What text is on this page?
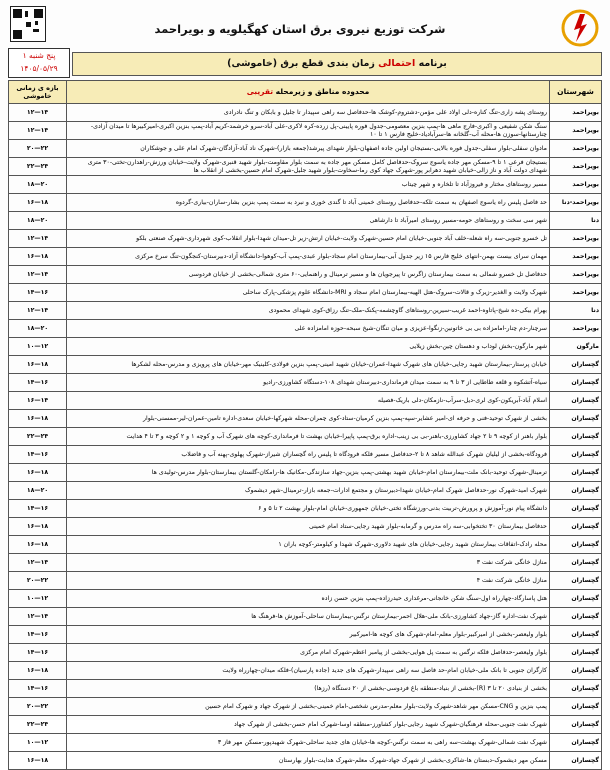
شرکت توزیع نیروی برق استان کهگیلویه و بویراحمد
پنج شنبه ۱
۱۴۰۵/۰۵/۲۹	برنامه احتمالی زمان بندی قطع برق (خاموشی)
شهرستان	محدوده مناطق و زیرمحله تقریبی	بازه ی زمانی خاموشی
بویراحمد	روستای پشه زاری-تنگ کناره-دلی اولاد علی مؤمن-دشتروم-کوشک ها-حدفاصل سه راهی سپیدار تا جلیل و بابکان و تنگ نادرادی	۱۲—۱۴
بویراحمد	سنگ شکن شفیعی و اکبری-فارج ماهی ها-پمپ بنزین معصومی-جدول فوره پایینی-پل زرده-کره لاکری-علی آباد-سرو خرشمد-کریم آباد-پمپ بنزین اکبری-امیرکبیرها تا میدان آزادی-چنارستانها-سوزن ها-محله آب-گلخانه ها-سرآبادیاد-خلیج فارس ۱ تا ۱۰	۱۲—۱۴
بویراحمد	مادوان سفلی-بلوار سفلی-جدول فوره بالایی-بستیجان اولین جاده اصفهان-بلوار شهدای پیرشد(جمعه بازار)-شهرک ناد آباد-آزادگان-شهرک امام علی و جوشکاران	۲۰—۲۲
بویراحمد	بستیجان فرعی ۱ تا ۹-مسکن مهر جاده یاسوج سروک-حدفاصل کامل مسکن مهر جاده به سمت بلوار مقاومت-بلوار شهید قنبری-شهرک ولایت-خیابان ورزش-راهدارن-تختی-۳۰ متری شهدای دولت آباد و ناز زالی-خیابان شهید دهرابر پور-شهرک جهاد کوی رما-سخاوت-بلوار شهید جلیل-شهرک امام حسین-بخشی از انقلاب ها	۲۲—۲۴
بویراحمد	مسیر روستاهای مختار و فیروزآباد تا تلخاره و شهر چیتاب	۱۸—۲۰
بویراحمد-دنا	حد فاصل پلیس راه یاسوج اصفهان به سمت تلکه-حدفاصل روستای خمینی آباد تا گندی خوری و نبرد به سمت پمپ بنزین بشار-ساران-بیاری-گردوه	۱۶—۱۸
دنا	شهر سی سخت و روستاهای حومه-مسیر روستای امیرآباد تا دارشاهی	۱۸—۲۰
بویراحمد	تل خسرو جنوبی-سه راه شعله-خلف آباد جنوبی-خیابان امام حسین-شهرک ولایت-خیابان ارتش-زیر تل-میدان شهدا-بلوار انقلاب-کوی شهرداری-شهرک صنعتی بلکو	۱۲—۱۴
بویراحمد	مهمان سرای بیست بهمن-انتهای خلیج فارس ۱۵ زیر جدول آبی-بیمارستان امام سجاد-بلوار عبدی-پمپ آب-کوهوا-دانشگاه آزاد-دبیرستان-کنجگون-تنگ سرخ مرکزی	۱۶—۱۸
بویراحمد	حدفاصل تل خسرو شمالی به سمت بیمارستان زاگرس تا پیرجویان ها و مسیر ترمینال و راهنمایی-۶۰ متری شمالی-بخشی از خیابان فردوسی	۱۲—۱۴
بویراحمد	شهرک ولایت و الغدیر-زیرک و قالات-سروک-هتل الهیه-بیمارستان امام سجاد و MRI-دانشگاه علوم پزشکی-پارک ساحلی	۱۴—۱۶
دنا	بهرام بیکی-ده شیخ-پاتاوه-احمد غریب-سیرین-روستاهای گاوچشمه-پکنک-ملک-تنگ رزاق-کوی شهدای محمودی	۱۲—۱۴
بویراحمد	سرچنار-دم چنار-امامزاده بی بی خاتونین-زنگوا-عزیزی و میان تنگان-شیخ سبحه-حوزه امامزاده علی	۱۸—۲۰
مارگون	شهر مارگون-بخش لوداب و دهستان چین-بخش زیلایی	۱۰—۱۲
گچساران	خیابان پرستار-بیمارستان شهید رجایی-خیابان های شهرک شهدا-عمران-خیابان شهید امینی-پمپ بنزین فولادی-کلینیک مهر-خیابان های پرویزی و مدرس-محله لشکرها	۱۶—۱۸
گچساران	سیاه-آتشکوه و قلعه طاطایی از ۳ تا ۹ به سمت میدان فرمانداری-دبیرستان شهدای ۱۰۸-دستگاه کشاورزی-رادیو	۱۴—۱۶
گچساران	اسلام آباد-آبریکون-کوی لری-دیل-سرآب-نازمکان-دلی باریک-فصیله	۱۶—۱۴
گچساران	بخشی از شهرک توحید-فنی و حرفه ای-امیر عشایر-سپه-پمپ بنزین کرمیان-ستاد-کوی چمران-محله شهرکها-خیابان سعدی-اداره تامین-عمران-لیر-ممسنی-بلوار	۱۶—۱۸
گچساران	بلوار باهنر از کوچه ۹ تا ۲ جهاد کشاورزی-باهنر-بی بی زینب-اداره برق-پمپ پاپیرا-خیابان بهشت تا فرمانداری-کوچه های شهرک آب و کوچه ۱ و ۲ کوچه و ۳ تا ۴ هدایت	۲۲—۲۴
گچساران	فرودگاه-بخشی از لیلیان شهرک عبدالله شاهد ۸ تا ۲-حدفاصل مسیر فلکه فرودگاه تا پلیس راه گچساران شیراز-شهرک پهلوی-پهنه آب و فاضلاب	۱۴—۱۶
گچساران	ترمینال-شهرک توحید-بانک ملت-بیمارستان امام-خیابان شهید بهشتی-پمپ بنزین-جهاد سازندگی-مکانیک ها-رامکان-گلستان بیمارستان-بلوار مدرس-تولیدی ها	۱۶—۱۸
گچساران	شهرک امید-شهرک نور-حدفاصل شهرک امام-خیابان شهدا-دبیرستان و مجتمع ادارات-جمعه بازار-ترمینال-شهر دیشموک	۱۸—۲۰
گچساران	دانشگاه پیام نور-آموزش و پرورش-تربیت بدنی-ورزشگاه تختی-خیابان جمهوری-خیابان امام-بلوار بهشت ۲ تا ۵ و ۶	۱۴—۱۶
گچساران	حدفاصل بیمارستان ۳۰ تختخوابی-سه راه مدرس و گرمابه-بلوار شهید رجایی-ستاد امام خمینی	۱۶—۱۸
گچساران	محله رادک-اتفاقات بیمارستان شهید رجایی-خیابان های شهید دلاوری-شهرک شهدا و کیلومتر-کوچه باران ۱	۱۶—۱۸
گچساران	منازل خانگی شرکت نفت ۳	۱۲—۱۴
گچساران	منازل خانگی شرکت نفت ۴	۲۰—۲۲
گچساران	هتل پاسارگاد-چهارراه اول-سنگ شکن خانجانی-مرغداری حیدرزاده-پمپ بنزین حسن زاده	۱۰—۱۲
گچساران	شهرک نفت-اداره گاز-جهاد کشاورزی-بانک ملی-هلال احمر-بیمارستان نرگس-بیمارستان ساحلی-آموزش ها-فرهنگ ها	۱۲—۱۴
گچساران	بلوار ولیعصر-بخشی از امیرکبیر-بلوار معلم-امام-شهرک های کوچه ها-امیرکبیر	۱۴—۱۶
گچساران	بلوار ولیعصر-حدفاصل فلکه نرگس به سمت پل هوایی-بخشی از پیامبر اعظم-شهرک امام مرکزی	۱۴—۱۶
گچساران	کارگران جنوبی تا بانک ملی-خیابان امام-حد فاصل سه راهی سپیدار-شهرک های جدید (جاده پارسیان)-فلکه میدان-چهارراه ولایت	۱۶—۱۸
گچساران	بخشی از بنیادی ۲۰ تا ۳ (R)-بخشی از بنیاد-منطقه باغ فردوسی-بخشی از ۲۰ دستگاه (رزها)	۱۴—۱۶
گچساران	پمپ بنزین و CNG-مسکن مهر شاهد-شهرک ولایت-بلوار معلم-مدرس شخصی-امام خمینی-بخشی از شهرک جهاد و شهرک امام حسین	۲۰—۲۲
گچساران	شهرک نفت جنوبی-محله فرهنگیان-شهرک شهید رجایی-بلوار کشاورز-منطقه اوسا-شهرک امام حسن-بخشی از شهرک جهاد	۲۲—۲۴
گچساران	شهرک نفت شمالی-شهرک بهشت-سه راهی به سمت نرگس-کوچه ها-خیابان های جدید ساحلی-شهرک شهیدپور-مسکن مهر فاز ۳	۱۰—۱۲
گچساران	مسکن مهر دیشموک-دبستان ها-شاکری-بخشی از شهرک جهاد-شهرک معلم-شهرک هدایت-بلوار بهارستان	۱۶—۱۸
